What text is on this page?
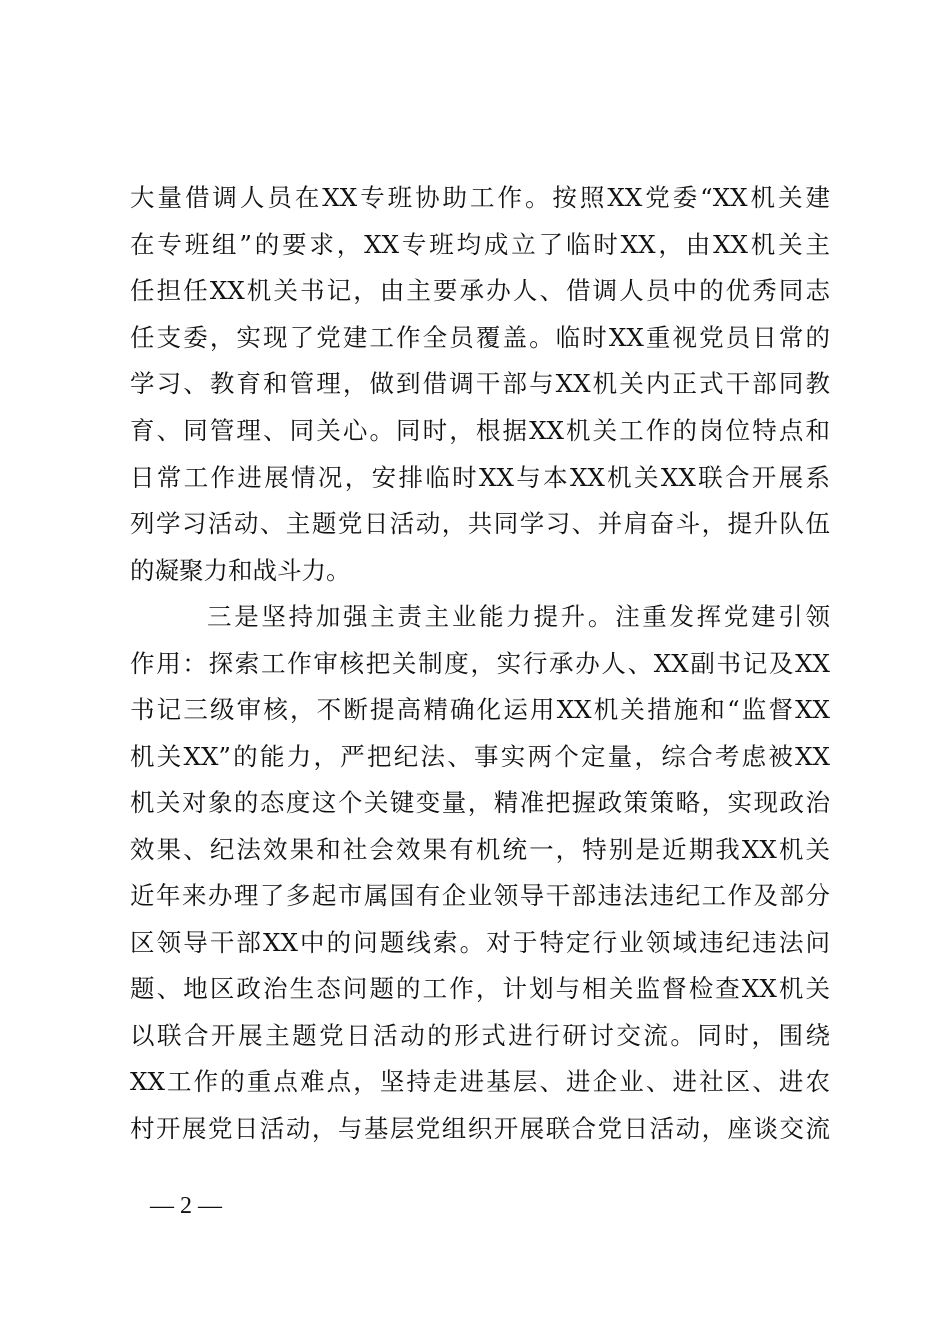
大量借调人员在XX专班协助工作。按照XX党委“XX机关建
在专班组”的要求，XX专班均成立了临时XX，由XX机关主
任担任XX机关书记，由主要承办人、借调人员中的优秀同志
任支委，实现了党建工作全员覆盖。临时XX重视党员日常的
学习、教育和管理，做到借调干部与XX机关内正式干部同教
育、同管理、同关心。同时，根据XX机关工作的岗位特点和
日常工作进展情况，安排临时XX与本XX机关XX联合开展系
列学习活动、主题党日活动，共同学习、并肩奋斗，提升队伍
的凝聚力和战斗力。
三是坚持加强主责主业能力提升。注重发挥党建引领
作用：探索工作审核把关制度，实行承办人、XX副书记及XX
书记三级审核，不断提高精确化运用XX机关措施和“监督XX
机关XX”的能力，严把纪法、事实两个定量，综合考虑被XX
机关对象的态度这个关键变量，精准把握政策策略，实现政治
效果、纪法效果和社会效果有机统一，特别是近期我XX机关
近年来办理了多起市属国有企业领导干部违法违纪工作及部分
区领导干部XX中的问题线索。对于特定行业领域违纪违法问
题、地区政治生态问题的工作，计划与相关监督检查XX机关
以联合开展主题党日活动的形式进行研讨交流。同时，围绕
XX工作的重点难点，坚持走进基层、进企业、进社区、进农
村开展党日活动，与基层党组织开展联合党日活动，座谈交流
— 2 —
